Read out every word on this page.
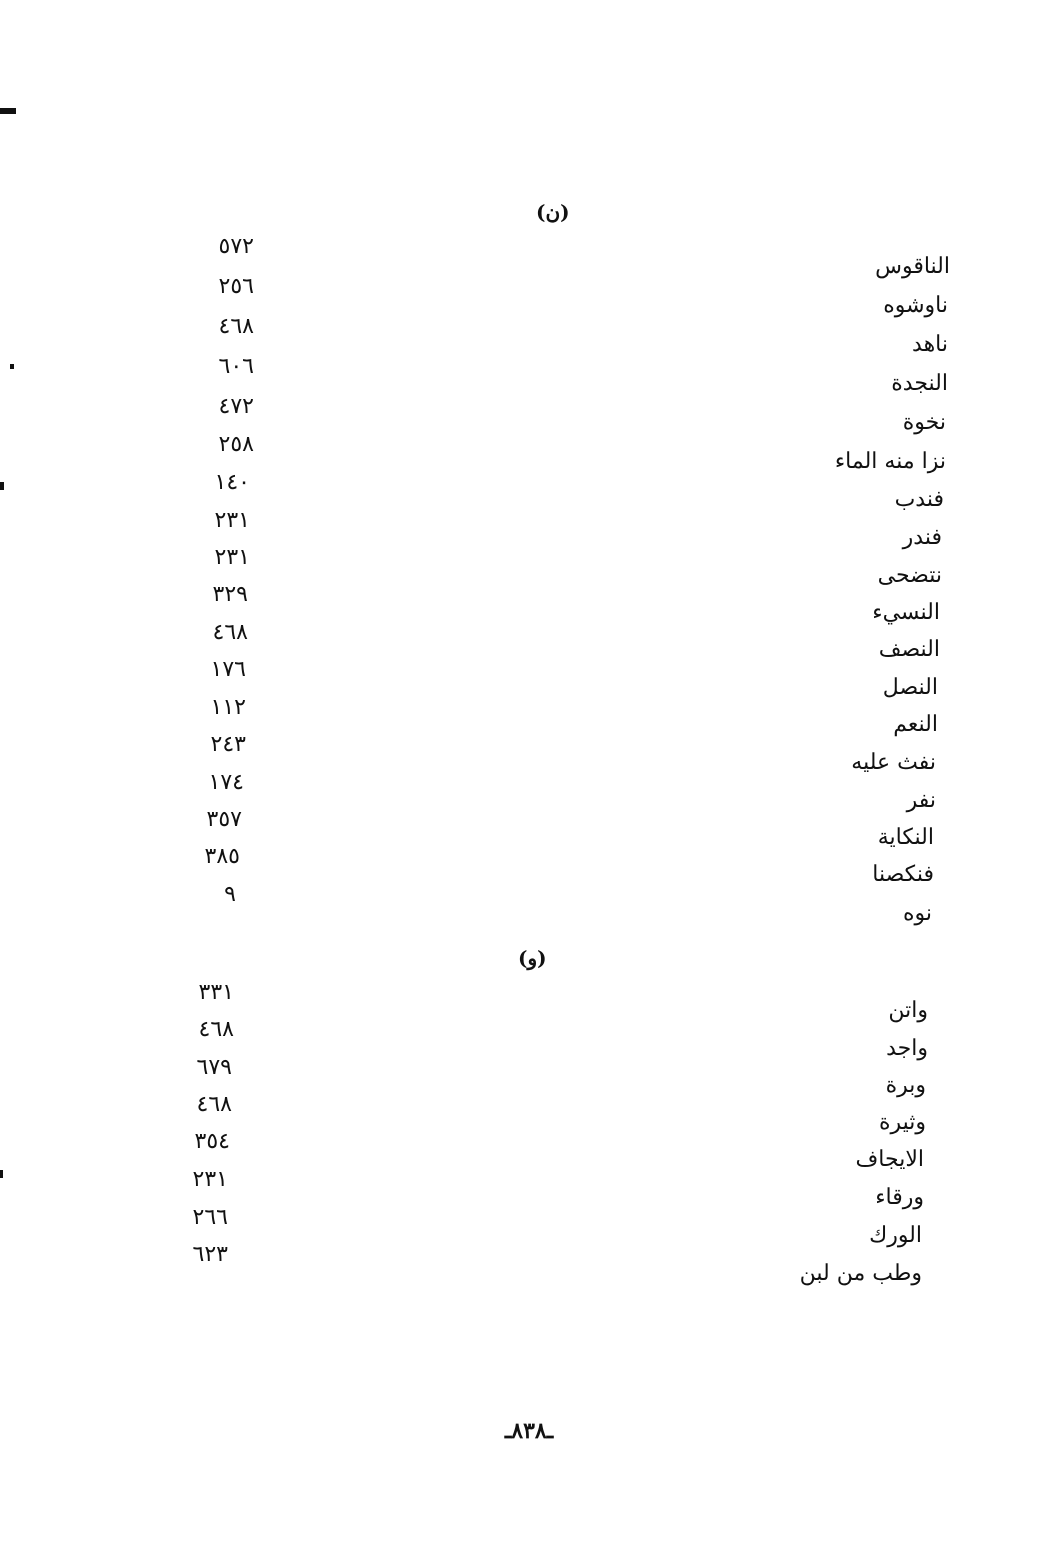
(ن)
الناقوس
٥٧٢
ناوشوه
٢٥٦
ناهد
٤٦٨
النجدة
٦٠٦
نخوة
٤٧٢
نزا منه الماء
٢٥٨
فندب
١٤٠
فندر
٢٣١
نتضحى
٢٣١
النسيء
٣٢٩
النصف
٤٦٨
النصل
١٧٦
النعم
١١٢
نفث عليه
٢٤٣
نفر
١٧٤
النكاية
٣٥٧
فنكصنا
٣٨٥
نوه
٩
(و)
واتن
٣٣١
واجد
٤٦٨
وبرة
٦٧٩
وثيرة
٤٦٨
الايجاف
٣٥٤
ورقاء
٢٣١
الورك
٢٦٦
وطب من لبن
٦٢٣
ـ٨٣٨ـ
